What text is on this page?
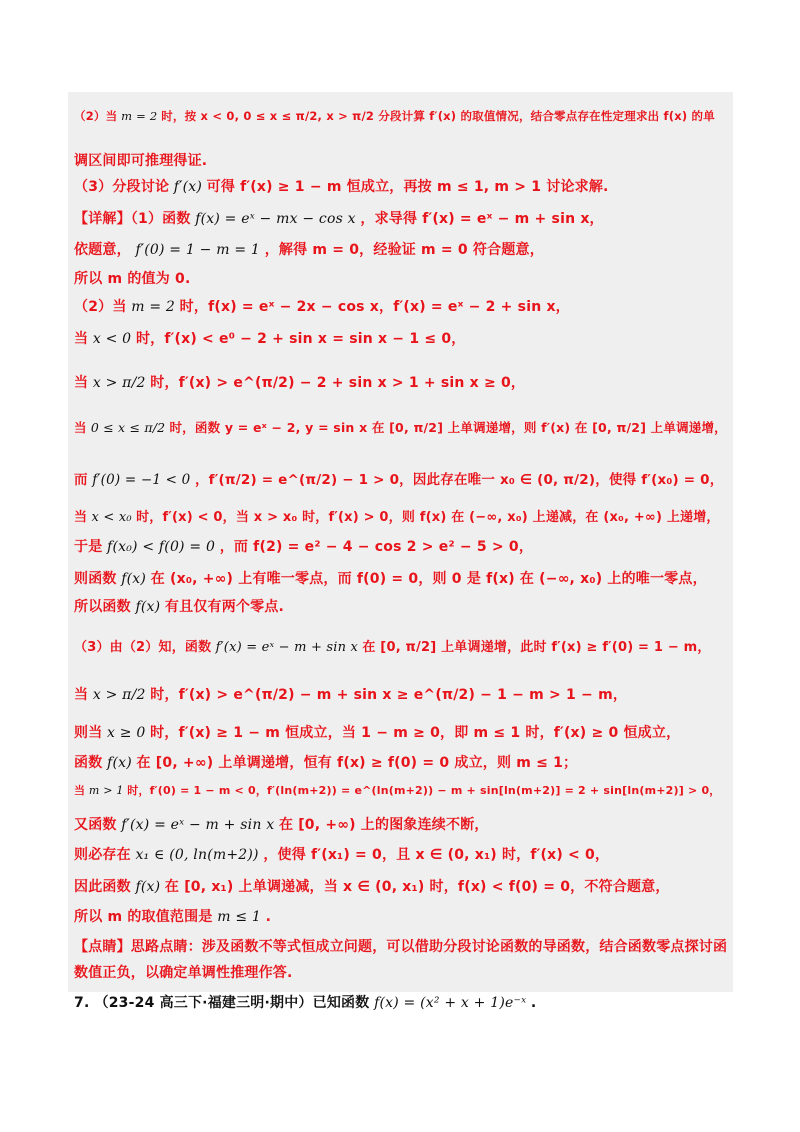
（2）当 m = 2 时，按 x < 0, 0 ≤ x ≤ π/2, x > π/2 分段计算 f′(x) 的取值情况，结合零点存在性定理求出 f(x) 的单
调区间即可推理得证.
（3）分段讨论 f′(x) 可得 f′(x) ≥ 1 − m 恒成立，再按 m ≤ 1, m > 1 讨论求解.
【详解】（1）函数 f(x) = eˣ − mx − cos x ，求导得 f′(x) = eˣ − m + sin x，
依题意， f′(0) = 1 − m = 1 ，解得 m = 0，经验证 m = 0 符合题意，
所以 m 的值为 0.
（2）当 m = 2 时，f(x) = eˣ − 2x − cos x，f′(x) = eˣ − 2 + sin x，
当 x < 0 时，f′(x) < e⁰ − 2 + sin x = sin x − 1 ≤ 0，
当 x > π/2 时，f′(x) > e^(π/2) − 2 + sin x > 1 + sin x ≥ 0，
当 0 ≤ x ≤ π/2 时，函数 y = eˣ − 2, y = sin x 在 [0, π/2] 上单调递增，则 f′(x) 在 [0, π/2] 上单调递增，
而 f′(0) = −1 < 0 ，f′(π/2) = e^(π/2) − 1 > 0，因此存在唯一 x₀ ∈ (0, π/2)，使得 f′(x₀) = 0，
当 x < x₀ 时，f′(x) < 0，当 x > x₀ 时，f′(x) > 0，则 f(x) 在 (−∞, x₀) 上递减，在 (x₀, +∞) 上递增，
于是 f(x₀) < f(0) = 0 ，而 f(2) = e² − 4 − cos 2 > e² − 5 > 0，
则函数 f(x) 在 (x₀, +∞) 上有唯一零点，而 f(0) = 0，则 0 是 f(x) 在 (−∞, x₀) 上的唯一零点，
所以函数 f(x) 有且仅有两个零点.
（3）由（2）知，函数 f′(x) = eˣ − m + sin x 在 [0, π/2] 上单调递增，此时 f′(x) ≥ f′(0) = 1 − m，
当 x > π/2 时，f′(x) > e^(π/2) − m + sin x ≥ e^(π/2) − 1 − m > 1 − m，
则当 x ≥ 0 时，f′(x) ≥ 1 − m 恒成立，当 1 − m ≥ 0，即 m ≤ 1 时，f′(x) ≥ 0 恒成立，
函数 f(x) 在 [0, +∞) 上单调递增，恒有 f(x) ≥ f(0) = 0 成立，则 m ≤ 1；
当 m > 1 时，f′(0) = 1 − m < 0，f′(ln(m+2)) = e^(ln(m+2)) − m + sin[ln(m+2)] = 2 + sin[ln(m+2)] > 0，
又函数 f′(x) = eˣ − m + sin x 在 [0, +∞) 上的图象连续不断，
则必存在 x₁ ∈ (0, ln(m+2)) ，使得 f′(x₁) = 0，且 x ∈ (0, x₁) 时，f′(x) < 0，
因此函数 f(x) 在 [0, x₁) 上单调递减，当 x ∈ (0, x₁) 时，f(x) < f(0) = 0，不符合题意，
所以 m 的取值范围是 m ≤ 1 .
【点睛】思路点睛：涉及函数不等式恒成立问题，可以借助分段讨论函数的导函数，结合函数零点探讨函
数值正负，以确定单调性推理作答.
7. （23-24 高三下·福建三明·期中）已知函数 f(x) = (x² + x + 1)e⁻ˣ .
